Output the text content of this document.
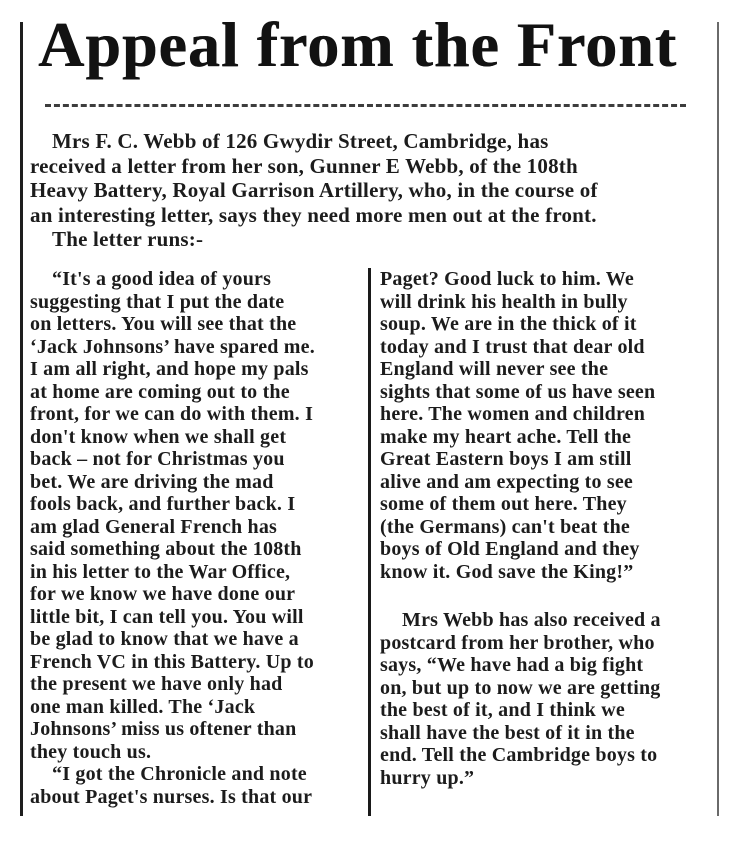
Appeal from the Front
Mrs F. C. Webb of 126 Gwydir Street, Cambridge, has
received a letter from her son, Gunner E Webb, of the 108th
Heavy Battery, Royal Garrison Artillery, who, in the course of
an interesting letter, says they need more men out at the front.
The letter runs:-
“It's a good idea of yours
suggesting that I put the date
on letters. You will see that the
‘Jack Johnsons’ have spared me.
I am all right, and hope my pals
at home are coming out to the
front, for we can do with them. I
don't know when we shall get
back – not for Christmas you
bet. We are driving the mad
fools back, and further back. I
am glad General French has
said something about the 108th
in his letter to the War Office,
for we know we have done our
little bit, I can tell you. You will
be glad to know that we have a
French VC in this Battery. Up to
the present we have only had
one man killed. The ‘Jack
Johnsons’ miss us oftener than
they touch us.
“I got the Chronicle and note
about Paget's nurses. Is that our
Paget? Good luck to him. We
will drink his health in bully
soup. We are in the thick of it
today and I trust that dear old
England will never see the
sights that some of us have seen
here. The women and children
make my heart ache. Tell the
Great Eastern boys I am still
alive and am expecting to see
some of them out here. They
(the Germans) can't beat the
boys of Old England and they
know it. God save the King!”
Mrs Webb has also received a
postcard from her brother, who
says, “We have had a big fight
on, but up to now we are getting
the best of it, and I think we
shall have the best of it in the
end. Tell the Cambridge boys to
hurry up.”
